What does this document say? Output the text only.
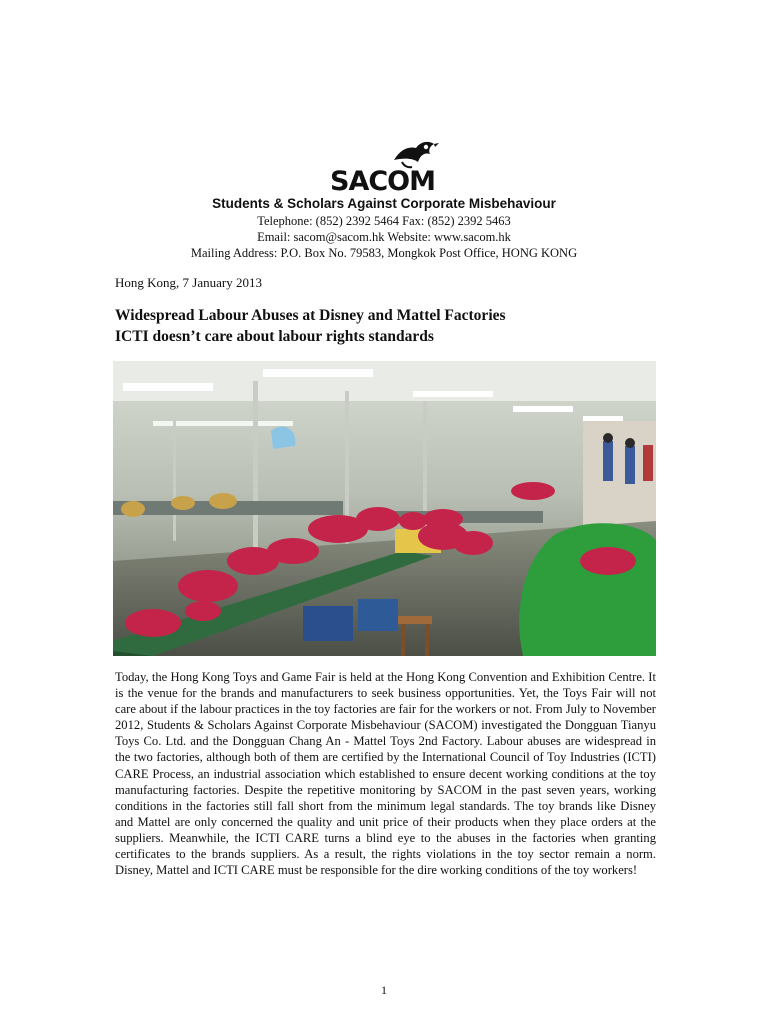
SACOM
Students & Scholars Against Corporate Misbehaviour
Telephone: (852) 2392 5464 Fax: (852) 2392 5463
Email: sacom@sacom.hk Website: www.sacom.hk
Mailing Address: P.O. Box No. 79583, Mongkok Post Office, HONG KONG
Hong Kong, 7 January 2013
Widespread Labour Abuses at Disney and Mattel Factories
ICTI doesn’t care about labour rights standards
Today, the Hong Kong Toys and Game Fair is held at the Hong Kong Convention and Exhibition Centre. It is the venue for the brands and manufacturers to seek business opportunities. Yet, the Toys Fair will not care about if the labour practices in the toy factories are fair for the workers or not. From July to November 2012, Students & Scholars Against Corporate Misbehaviour (SACOM) investigated the Dongguan Tianyu Toys Co. Ltd. and the Dongguan Chang An - Mattel Toys 2nd Factory. Labour abuses are widespread in the two factories, although both of them are certified by the International Council of Toy Industries (ICTI) CARE Process, an industrial association which established to ensure decent working conditions at the toy manufacturing factories. Despite the repetitive monitoring by SACOM in the past seven years, working conditions in the factories still fall short from the minimum legal standards. The toy brands like Disney and Mattel are only concerned the quality and unit price of their products when they place orders at the suppliers. Meanwhile, the ICTI CARE turns a blind eye to the abuses in the factories when granting certificates to the brands suppliers. As a result, the rights violations in the toy sector remain a norm. Disney, Mattel and ICTI CARE must be responsible for the dire working conditions of the toy workers!
1
